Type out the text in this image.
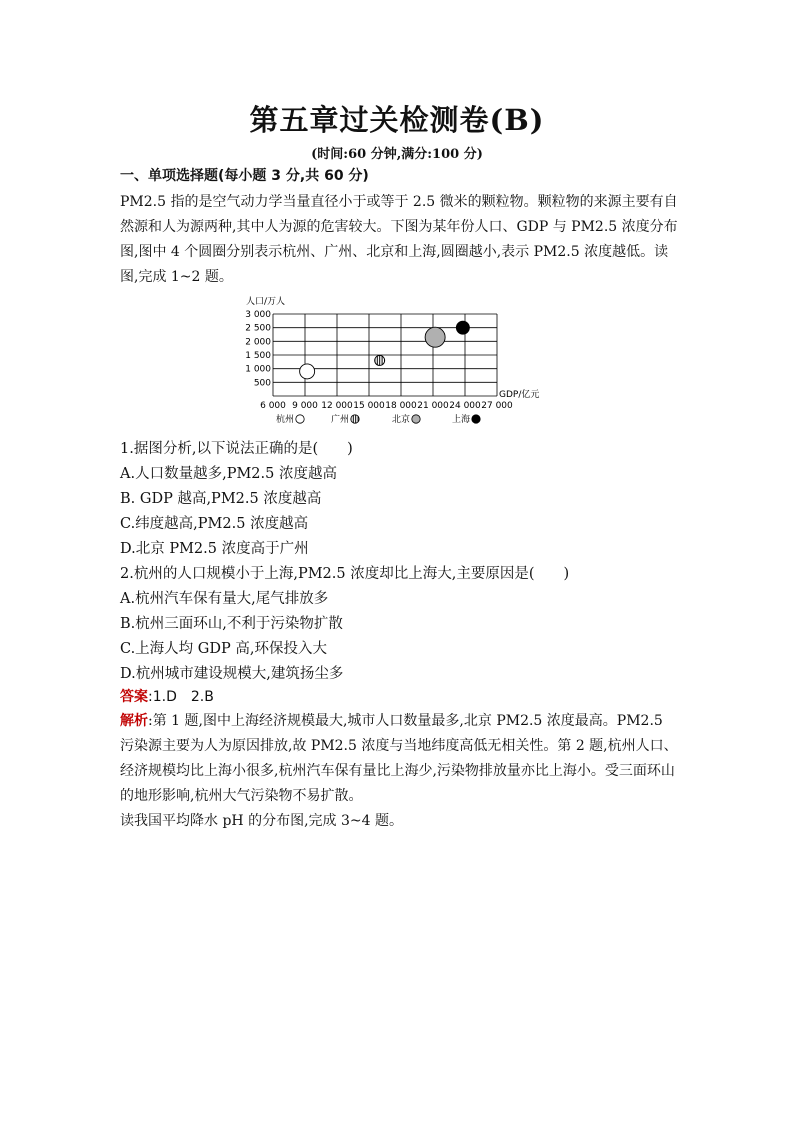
第五章过关检测卷(B)
(时间:60 分钟,满分:100 分)
一、单项选择题(每小题 3 分,共 60 分)
PM2.5 指的是空气动力学当量直径小于或等于 2.5 微米的颗粒物。颗粒物的来源主要有自然源和人为源两种,其中人为源的危害较大。下图为某年份人口、GDP 与 PM2.5 浓度分布图,图中 4 个圆圈分别表示杭州、广州、北京和上海,圆圈越小,表示 PM2.5 浓度越低。读图,完成 1~2 题。
人口/万人
GDP/亿元
3 000
2 500
2 000
1 500
1 000
500
6 000 9 000 12 000 15 000 18 000 21 000 24 000 27 000
杭州	广州	北京	上海
1.据图分析,以下说法正确的是(　　)
A.人口数量越多,PM2.5 浓度越高
B. GDP 越高,PM2.5 浓度越高
C.纬度越高,PM2.5 浓度越高
D.北京 PM2.5 浓度高于广州
2.杭州的人口规模小于上海,PM2.5 浓度却比上海大,主要原因是(　　)
A.杭州汽车保有量大,尾气排放多
B.杭州三面环山,不利于污染物扩散
C.上海人均 GDP 高,环保投入大
D.杭州城市建设规模大,建筑扬尘多
答案:1.D　2.B
解析:第 1 题,图中上海经济规模最大,城市人口数量最多,北京 PM2.5 浓度最高。PM2.5 污染源主要为人为原因排放,故 PM2.5 浓度与当地纬度高低无相关性。第 2 题,杭州人口、经济规模均比上海小很多,杭州汽车保有量比上海少,污染物排放量亦比上海小。受三面环山的地形影响,杭州大气污染物不易扩散。
读我国平均降水 pH 的分布图,完成 3~4 题。
